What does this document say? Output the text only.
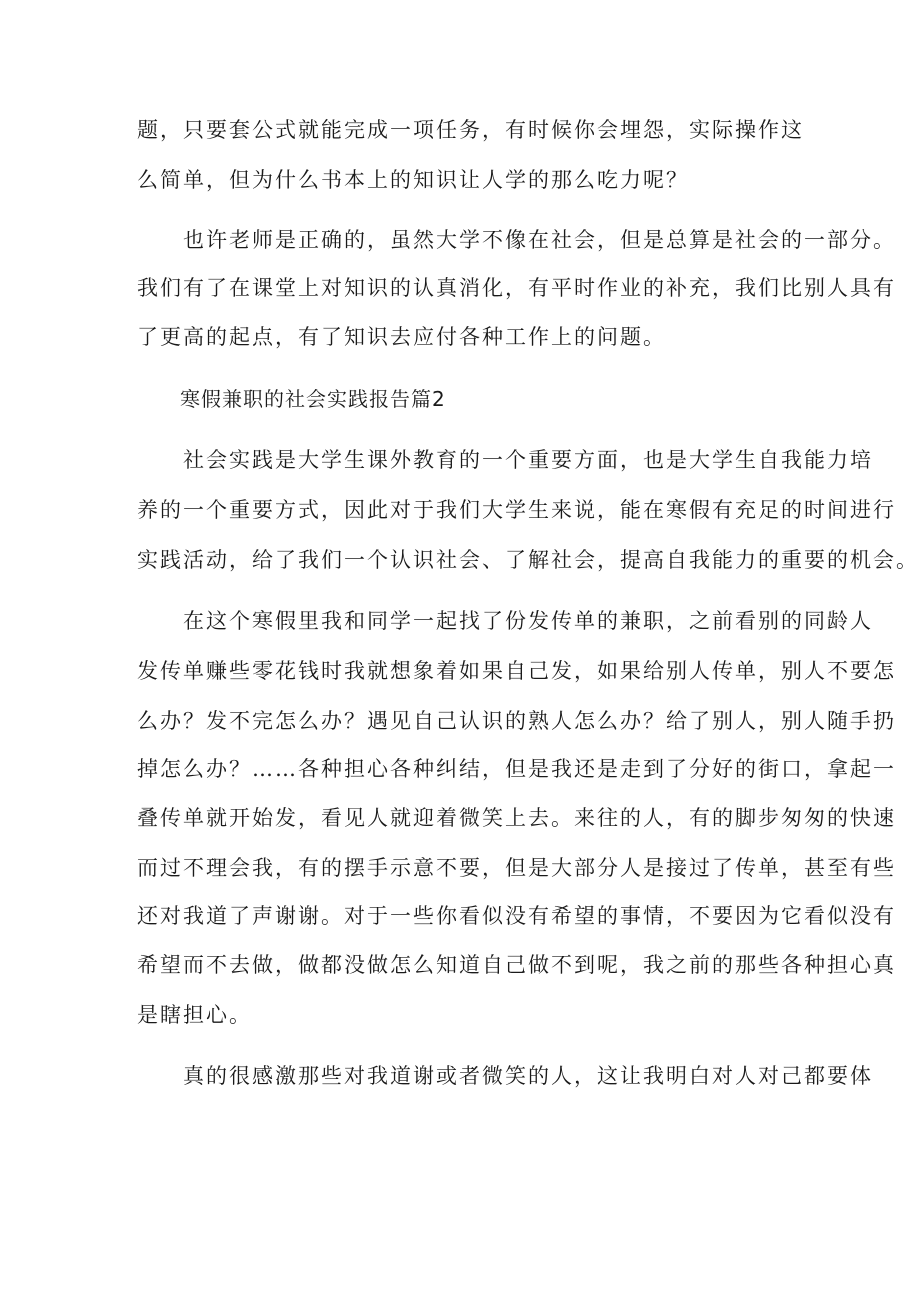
题，只要套公式就能完成一项任务，有时候你会埋怨，实际操作这
么简单，但为什么书本上的知识让人学的那么吃力呢？
　　也许老师是正确的，虽然大学不像在社会，但是总算是社会的一部分。
我们有了在课堂上对知识的认真消化，有平时作业的补充，我们比别人具有
了更高的起点，有了知识去应付各种工作上的问题。
寒假兼职的社会实践报告篇2
　　社会实践是大学生课外教育的一个重要方面，也是大学生自我能力培
养的一个重要方式，因此对于我们大学生来说，能在寒假有充足的时间进行
实践活动，给了我们一个认识社会、了解社会，提高自我能力的重要的机会。
　　在这个寒假里我和同学一起找了份发传单的兼职，之前看别的同龄人
发传单赚些零花钱时我就想象着如果自己发，如果给别人传单，别人不要怎
么办？发不完怎么办？遇见自己认识的熟人怎么办？给了别人，别人随手扔
掉怎么办？……各种担心各种纠结，但是我还是走到了分好的街口，拿起一
叠传单就开始发，看见人就迎着微笑上去。来往的人，有的脚步匆匆的快速
而过不理会我，有的摆手示意不要，但是大部分人是接过了传单，甚至有些
还对我道了声谢谢。对于一些你看似没有希望的事情，不要因为它看似没有
希望而不去做，做都没做怎么知道自己做不到呢，我之前的那些各种担心真
是瞎担心。
　　真的很感激那些对我道谢或者微笑的人，这让我明白对人对己都要体
